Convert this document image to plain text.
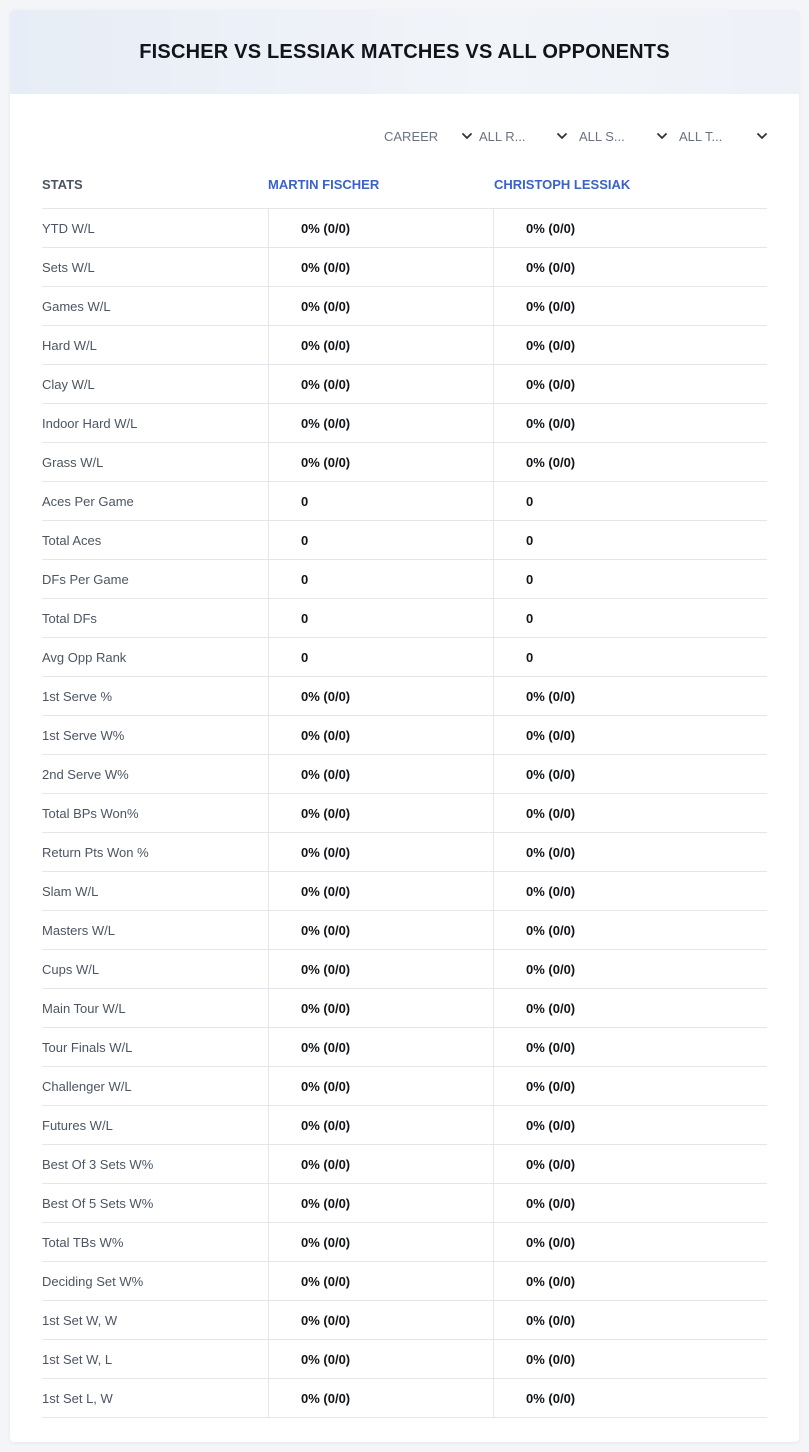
FISCHER VS LESSIAK MATCHES VS ALL OPPONENTS
CAREER	ALL R...	ALL S...	ALL T...
STATS	MARTIN FISCHER	CHRISTOPH LESSIAK
YTD W/L	0% (0/0)	0% (0/0)
Sets W/L	0% (0/0)	0% (0/0)
Games W/L	0% (0/0)	0% (0/0)
Hard W/L	0% (0/0)	0% (0/0)
Clay W/L	0% (0/0)	0% (0/0)
Indoor Hard W/L	0% (0/0)	0% (0/0)
Grass W/L	0% (0/0)	0% (0/0)
Aces Per Game	0	0
Total Aces	0	0
DFs Per Game	0	0
Total DFs	0	0
Avg Opp Rank	0	0
1st Serve %	0% (0/0)	0% (0/0)
1st Serve W%	0% (0/0)	0% (0/0)
2nd Serve W%	0% (0/0)	0% (0/0)
Total BPs Won%	0% (0/0)	0% (0/0)
Return Pts Won %	0% (0/0)	0% (0/0)
Slam W/L	0% (0/0)	0% (0/0)
Masters W/L	0% (0/0)	0% (0/0)
Cups W/L	0% (0/0)	0% (0/0)
Main Tour W/L	0% (0/0)	0% (0/0)
Tour Finals W/L	0% (0/0)	0% (0/0)
Challenger W/L	0% (0/0)	0% (0/0)
Futures W/L	0% (0/0)	0% (0/0)
Best Of 3 Sets W%	0% (0/0)	0% (0/0)
Best Of 5 Sets W%	0% (0/0)	0% (0/0)
Total TBs W%	0% (0/0)	0% (0/0)
Deciding Set W%	0% (0/0)	0% (0/0)
1st Set W, W	0% (0/0)	0% (0/0)
1st Set W, L	0% (0/0)	0% (0/0)
1st Set L, W	0% (0/0)	0% (0/0)
